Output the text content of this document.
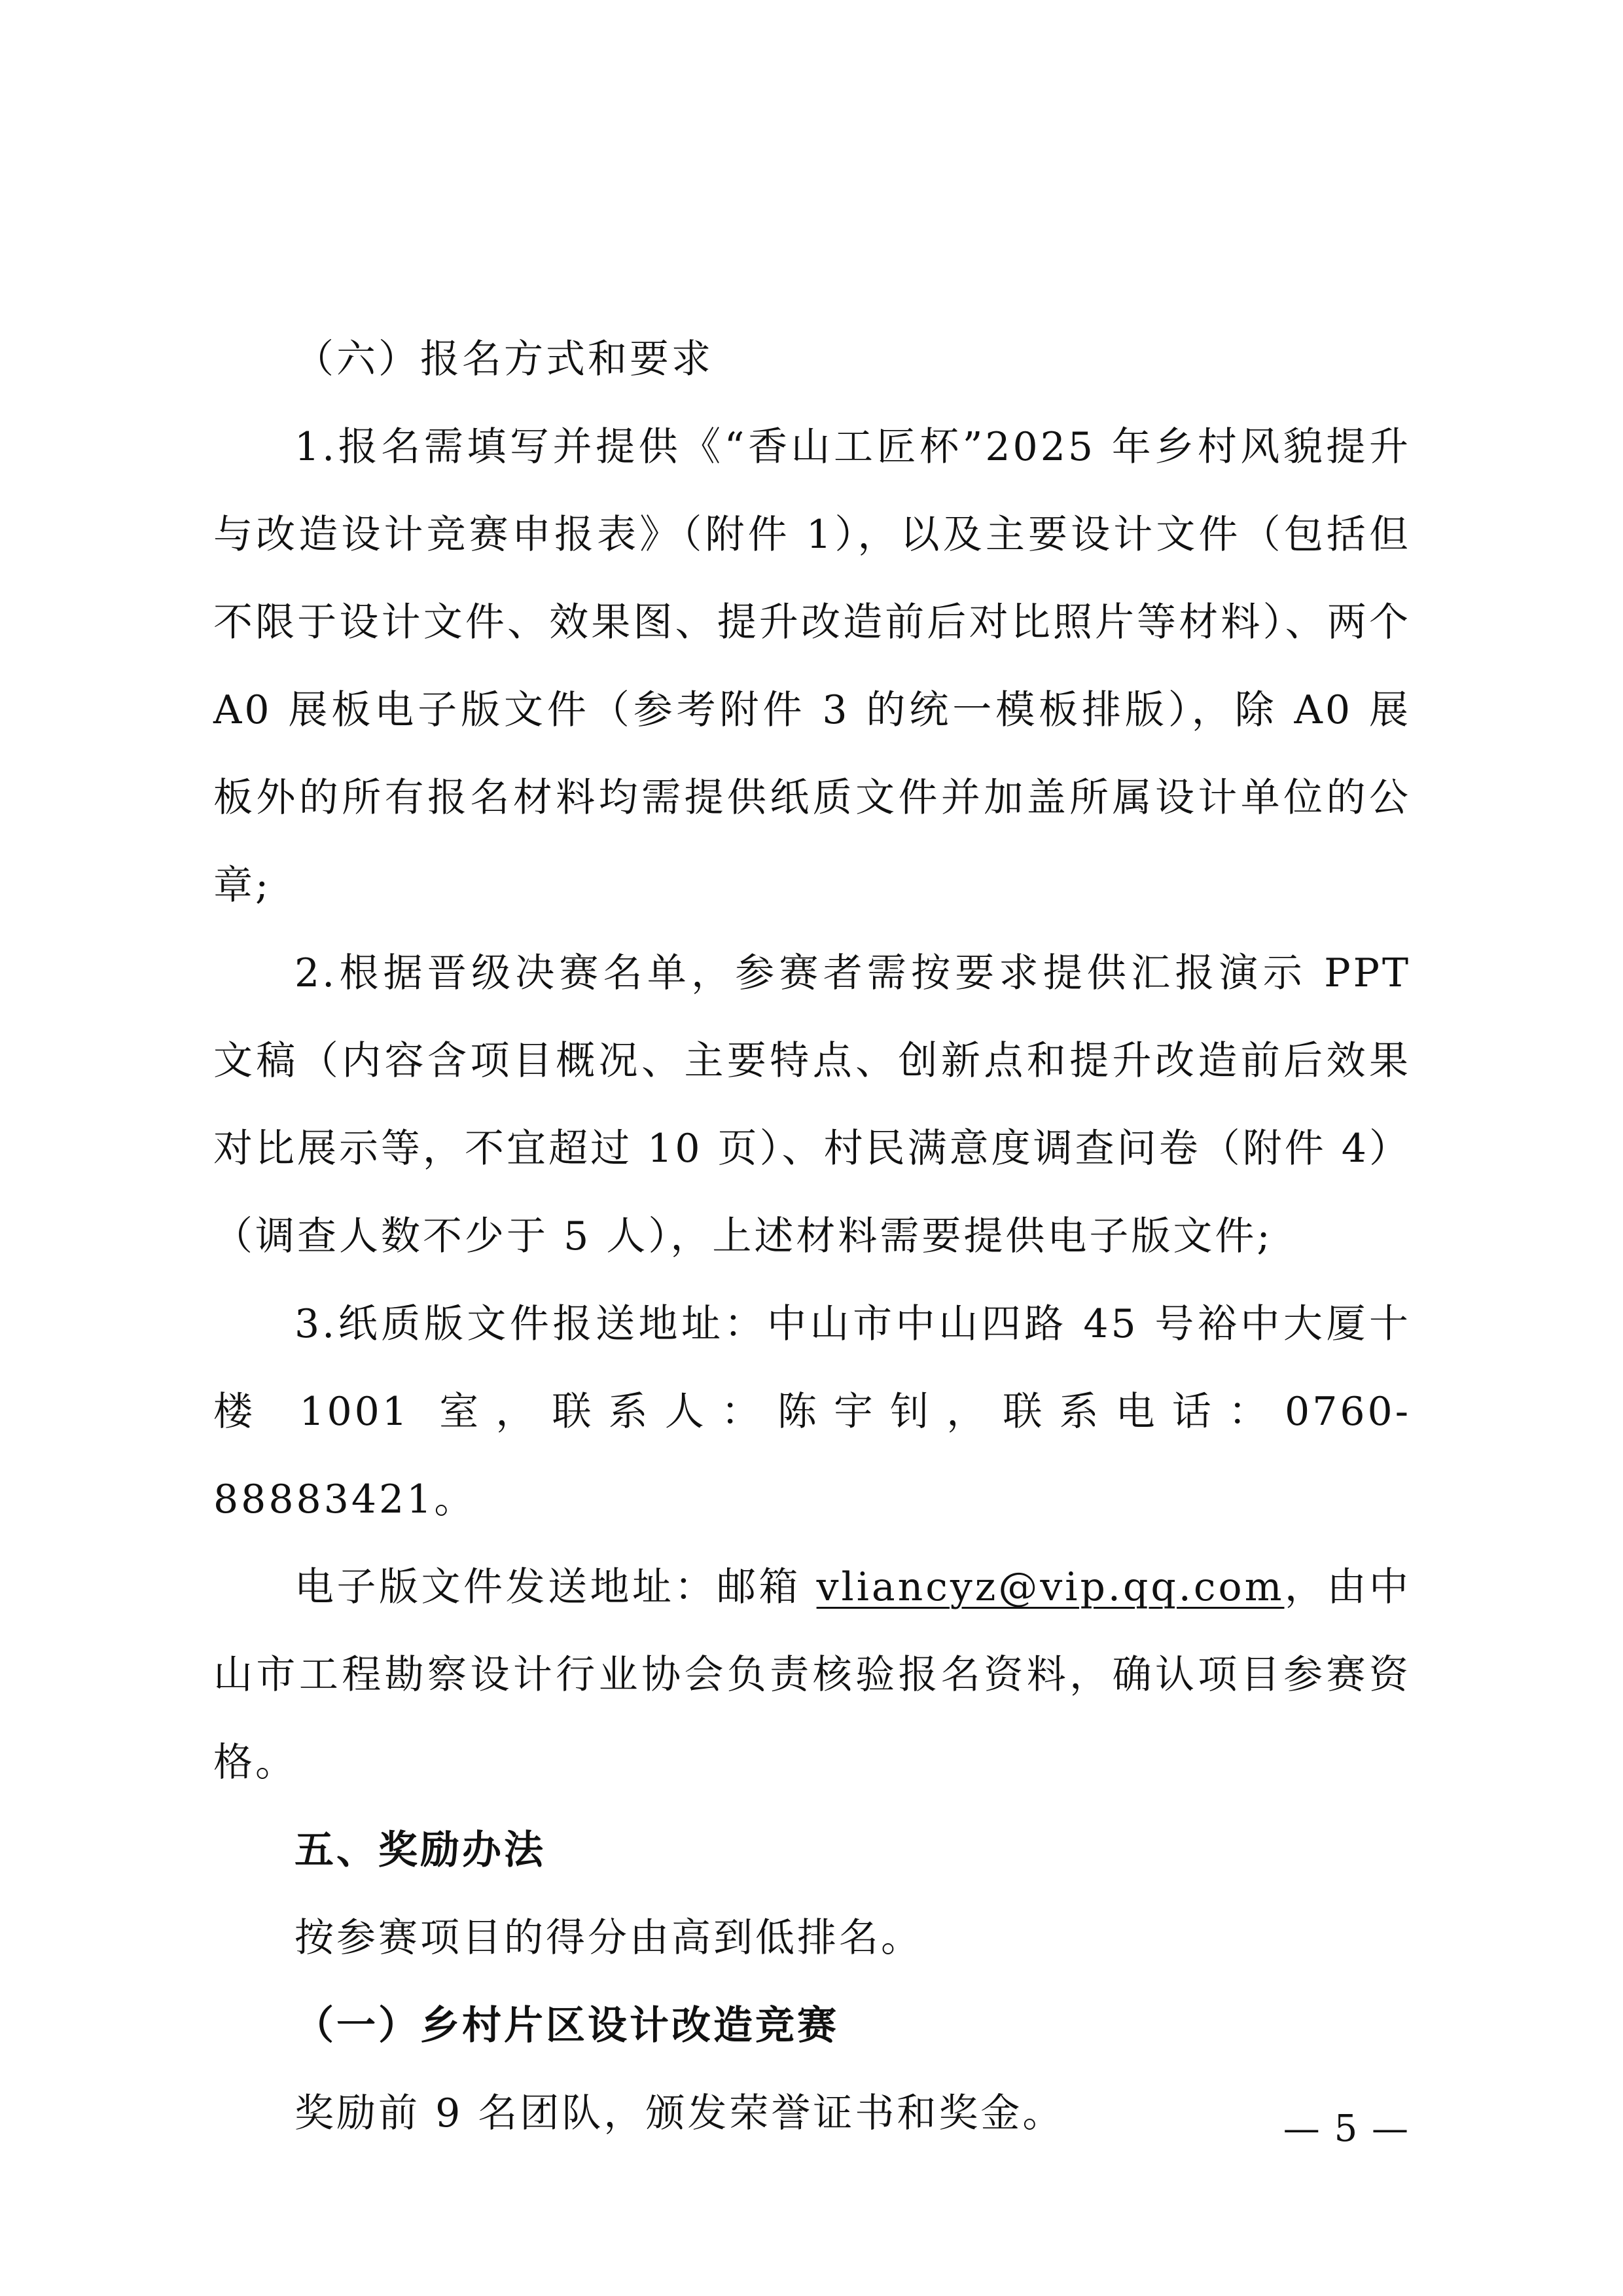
（六）报名方式和要求

1.报名需填写并提供《“香山工匠杯”2025 年乡村风貌提升与改造设计竞赛申报表》（附件 1），以及主要设计文件（包括但不限于设计文件、效果图、提升改造前后对比照片等材料）、两个 A0 展板电子版文件（参考附件 3 的统一模板排版），除 A0 展板外的所有报名材料均需提供纸质文件并加盖所属设计单位的公章;

2.根据晋级决赛名单，参赛者需按要求提供汇报演示 PPT 文稿（内容含项目概况、主要特点、创新点和提升改造前后效果对比展示等，不宜超过 10 页）、村民满意度调查问卷（附件 4）（调查人数不少于 5 人），上述材料需要提供电子版文件;

3.纸质版文件报送地址：中山市中山四路 45 号裕中大厦十楼 1001 室，联系人：陈宇钊，联系电话：0760-88883421。

电子版文件发送地址：邮箱 vliancyz@vip.qq.com，由中山市工程勘察设计行业协会负责核验报名资料，确认项目参赛资格。

五、奖励办法

按参赛项目的得分由高到低排名。

（一）乡村片区设计改造竞赛

奖励前 9 名团队，颁发荣誉证书和奖金。	— 5 —
